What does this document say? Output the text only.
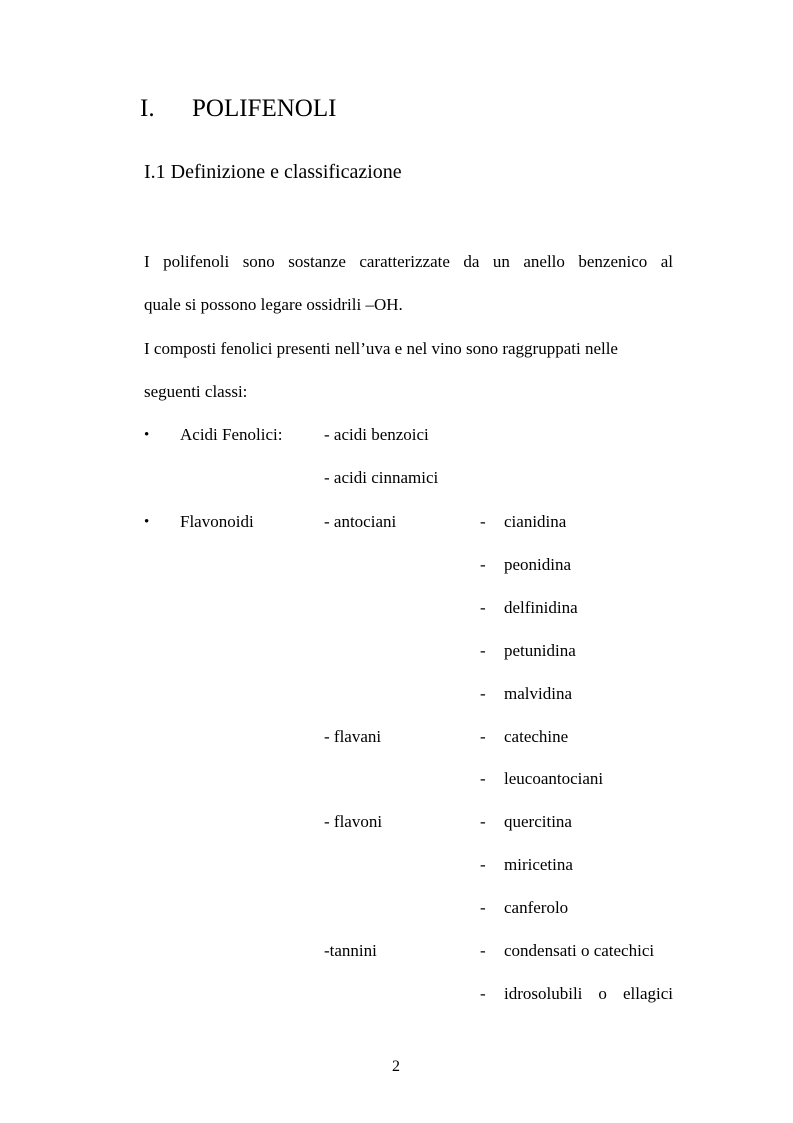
I. POLIFENOLI
I.1 Definizione e classificazione
I polifenoli sono sostanze caratterizzate da un anello benzenico al
quale si possono legare ossidrili –OH.
I composti fenolici presenti nell’uva e nel vino sono raggruppati nelle
seguenti classi:
• Acidi Fenolici: - acidi benzoici
- acidi cinnamici
• Flavonoidi	- antociani	- cianidina
- peonidina
- delfinidina
- petunidina
- malvidina
- flavani	- catechine
- leucoantociani
- flavoni	- quercitina
- miricetina
- canferolo
-tannini	- condensati o catechici
- idrosolubili o ellagici
2
